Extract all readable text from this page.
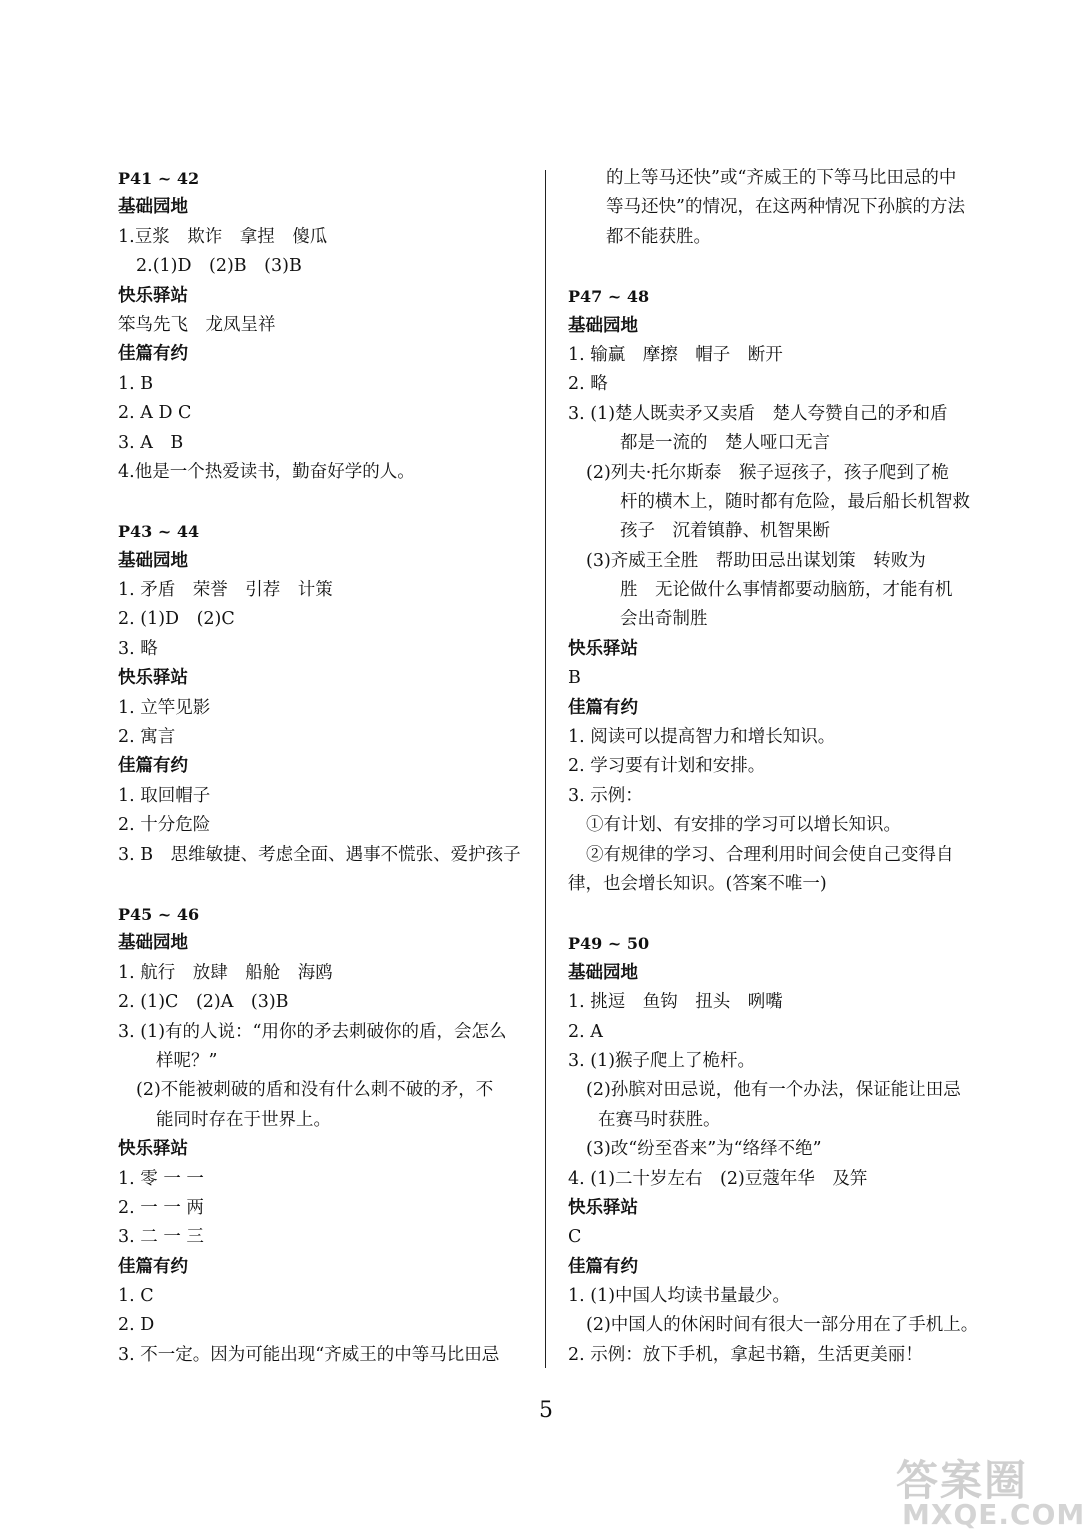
P41 ~ 42
基础园地
1.豆浆　欺诈　拿捏　傻瓜
2.(1)D　(2)B　(3)B
快乐驿站
笨鸟先飞　龙凤呈祥
佳篇有约
1. B
2. A D C
3. A　B
4.他是一个热爱读书，勤奋好学的人。
P43 ~ 44
基础园地
1. 矛盾　荣誉　引荐　计策
2. (1)D　(2)C
3. 略
快乐驿站
1. 立竿见影
2. 寓言
佳篇有约
1. 取回帽子
2. 十分危险
3. B　思维敏捷、考虑全面、遇事不慌张、爱护孩子
P45 ~ 46
基础园地
1. 航行　放肆　船舱　海鸥
2. (1)C　(2)A　(3)B
3. (1)有的人说：“用你的矛去刺破你的盾，会怎么
样呢？”
(2)不能被刺破的盾和没有什么刺不破的矛，不
能同时存在于世界上。
快乐驿站
1. 零 一 一
2. 一 一 两
3. 二 一 三
佳篇有约
1. C
2. D
3. 不一定。因为可能出现“齐威王的中等马比田忌
的上等马还快”或“齐威王的下等马比田忌的中
等马还快”的情况，在这两种情况下孙膑的方法
都不能获胜。
P47 ~ 48
基础园地
1. 输赢　摩擦　帽子　断开
2. 略
3. (1)楚人既卖矛又卖盾　楚人夸赞自己的矛和盾
都是一流的　楚人哑口无言
(2)列夫·托尔斯泰　猴子逗孩子，孩子爬到了桅
杆的横木上，随时都有危险，最后船长机智救
孩子　沉着镇静、机智果断
(3)齐威王全胜　帮助田忌出谋划策　转败为
胜　无论做什么事情都要动脑筋，才能有机
会出奇制胜
快乐驿站
B
佳篇有约
1. 阅读可以提高智力和增长知识。
2. 学习要有计划和安排。
3. 示例：
①有计划、有安排的学习可以增长知识。
②有规律的学习、合理利用时间会使自己变得自
律，也会增长知识。(答案不唯一)
P49 ~ 50
基础园地
1. 挑逗　鱼钩　扭头　咧嘴
2. A
3. (1)猴子爬上了桅杆。
(2)孙膑对田忌说，他有一个办法，保证能让田忌
在赛马时获胜。
(3)改“纷至沓来”为“络绎不绝”
4. (1)二十岁左右　(2)豆蔻年华　及笄
快乐驿站
C
佳篇有约
1. (1)中国人均读书量最少。
(2)中国人的休闲时间有很大一部分用在了手机上。
2. 示例：放下手机，拿起书籍，生活更美丽！
5
答案圈
MXQE.COM
